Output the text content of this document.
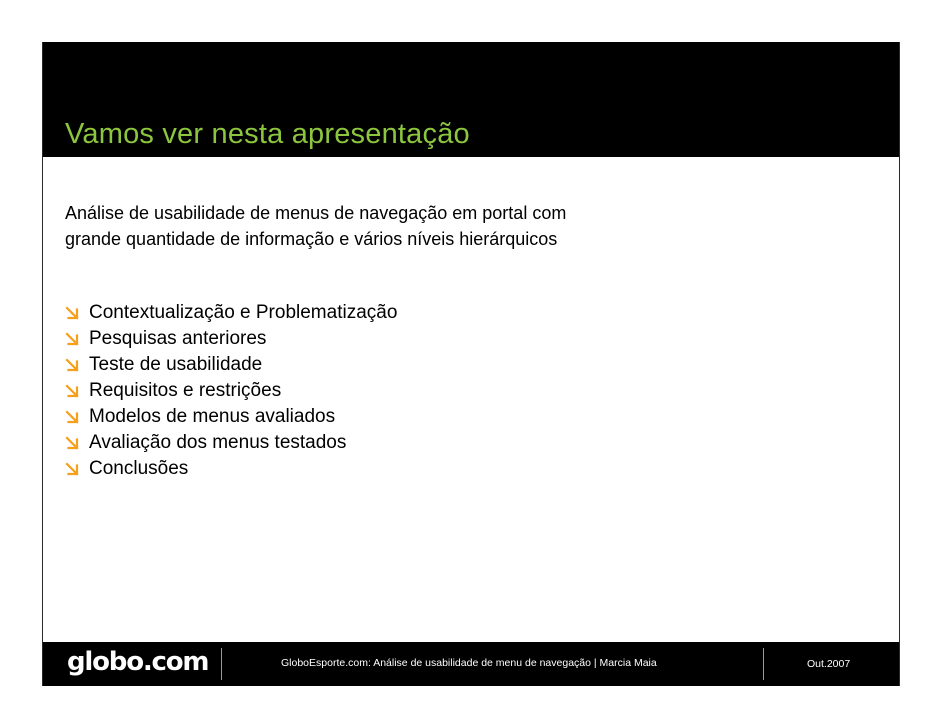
Vamos ver nesta apresentação

Análise de usabilidade de menus de navegação em portal com

grande quantidade de informação e vários níveis hierárquicos

Contextualização e Problematização
Pesquisas anteriores
Teste de usabilidade
Requisitos e restrições
Modelos de menus avaliados
Avaliação dos menus testados
Conclusões
globo.com	GloboEsporte.com: Análise de usabilidade de menu de navegação | Marcia Maia	Out.2007
